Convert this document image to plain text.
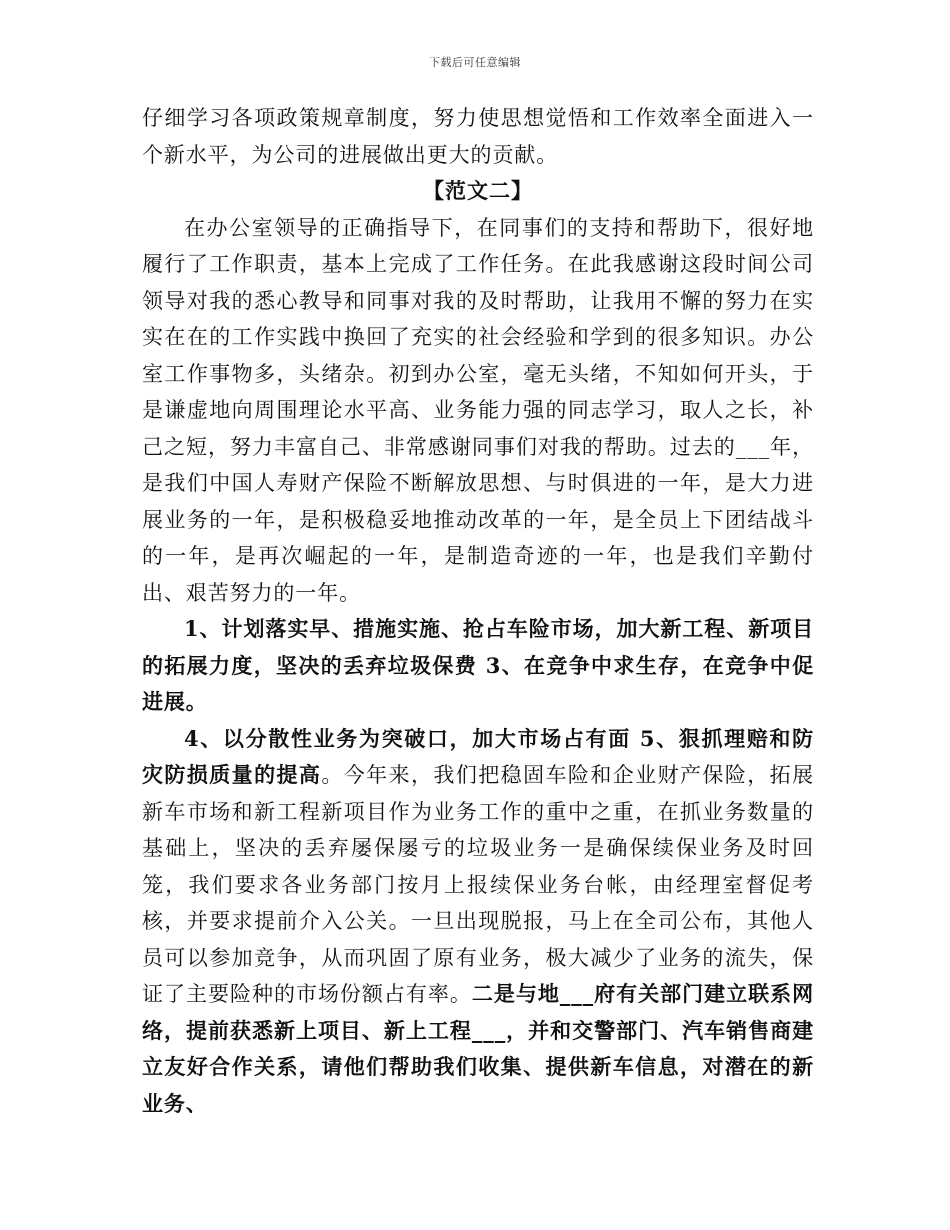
下载后可任意编辑

仔细学习各项政策规章制度，努力使思想觉悟和工作效率全面进入一个新水平，为公司的进展做出更大的贡献。

【范文二】

在办公室领导的正确指导下，在同事们的支持和帮助下，很好地履行了工作职责，基本上完成了工作任务。在此我感谢这段时间公司领导对我的悉心教导和同事对我的及时帮助，让我用不懈的努力在实实在在的工作实践中换回了充实的社会经验和学到的很多知识。办公室工作事物多，头绪杂。初到办公室，毫无头绪，不知如何开头，于是谦虚地向周围理论水平高、业务能力强的同志学习，取人之长，补己之短，努力丰富自己、非常感谢同事们对我的帮助。过去的___年，是我们中国人寿财产保险不断解放思想、与时俱进的一年，是大力进展业务的一年，是积极稳妥地推动改革的一年，是全员上下团结战斗的一年，是再次崛起的一年，是制造奇迹的一年，也是我们辛勤付出、艰苦努力的一年。

1、计划落实早、措施实施、抢占车险市场，加大新工程、新项目的拓展力度，坚决的丢弃垃圾保费 3、在竞争中求生存，在竞争中促进展。

4、以分散性业务为突破口，加大市场占有面 5、狠抓理赔和防灾防损质量的提高。今年来，我们把稳固车险和企业财产保险，拓展新车市场和新工程新项目作为业务工作的重中之重，在抓业务数量的基础上，坚决的丢弃屡保屡亏的垃圾业务一是确保续保业务及时回笼，我们要求各业务部门按月上报续保业务台帐，由经理室督促考核，并要求提前介入公关。一旦出现脱报，马上在全司公布，其他人员可以参加竞争，从而巩固了原有业务，极大减少了业务的流失，保证了主要险种的市场份额占有率。二是与地___府有关部门建立联系网络，提前获悉新上项目、新上工程___，并和交警部门、汽车销售商建立友好合作关系，请他们帮助我们收集、提供新车信息，对潜在的新业务、
